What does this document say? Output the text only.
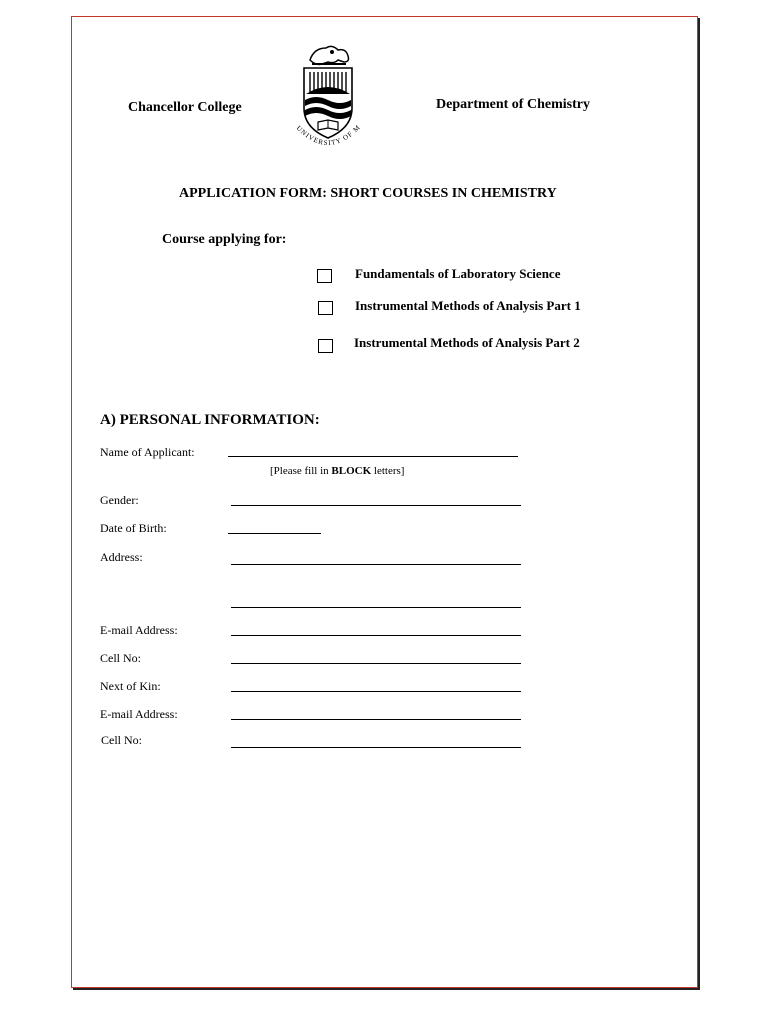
Chancellor College	Department of Chemistry
UNIVERSITY OF M
APPLICATION FORM: SHORT COURSES IN CHEMISTRY
Course applying for:
Fundamentals of Laboratory Science
Instrumental Methods of Analysis Part 1
Instrumental Methods of Analysis Part 2
A) PERSONAL INFORMATION:
Name of Applicant:
[Please fill in BLOCK letters]
Gender:
Date of Birth:
Address:
E-mail Address:
Cell No:
Next of Kin:
E-mail Address:
Cell No:
